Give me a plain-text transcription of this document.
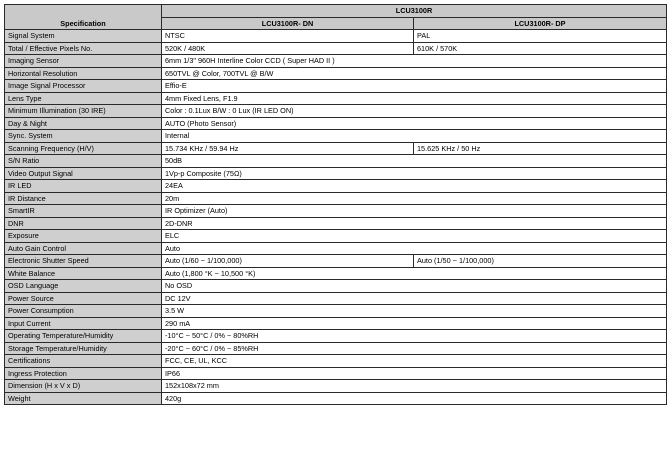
Specification	LCU3100R	
	LCU3100R- DN	LCU3100R- DP
Signal System	NTSC	PAL
Total / Effective Pixels No.	520K / 480K	610K / 570K
Imaging Sensor	6mm 1/3" 960H Interline Color CCD ( Super HAD II )	
Horizontal Resolution	650TVL @ Color, 700TVL @ B/W	
Image Signal Processor	Effio-E	
Lens Type	4mm Fixed Lens, F1.9	
Minimum Illumination (30 IRE)	Color : 0.1Lux B/W : 0 Lux (IR LED ON)	
Day & Night	AUTO (Photo Sensor)	
Sync. System	Internal	
Scanning Frequency (H/V)	15.734 KHz / 59.94 Hz	15.625 KHz / 50 Hz
S/N Ratio	50dB	
Video Output Signal	1Vp-p Composite (75Ω)	
IR LED	24EA	
IR Distance	20m	
SmartIR	IR Optimizer (Auto)	
DNR	2D-DNR	
Exposure	ELC	
Auto Gain Control	Auto	
Electronic Shutter Speed	Auto (1/60 ~ 1/100,000)	Auto (1/50 ~ 1/100,000)
White Balance	Auto (1,800 °K ~ 10,500 °K)	
OSD Language	No OSD	
Power Source	DC 12V	
Power Consumption	3.5 W	
Input Current	290 mA	
Operating Temperature/Humidity	-10°C ~ 50°C / 0% ~ 80%RH	
Storage Temperature/Humidity	-20°C ~ 60°C / 0% ~ 85%RH	
Certifications	FCC, CE, UL, KCC	
Ingress Protection	IP66	
Dimension (H x V x D)	152x108x72 mm	
Weight	420g	
